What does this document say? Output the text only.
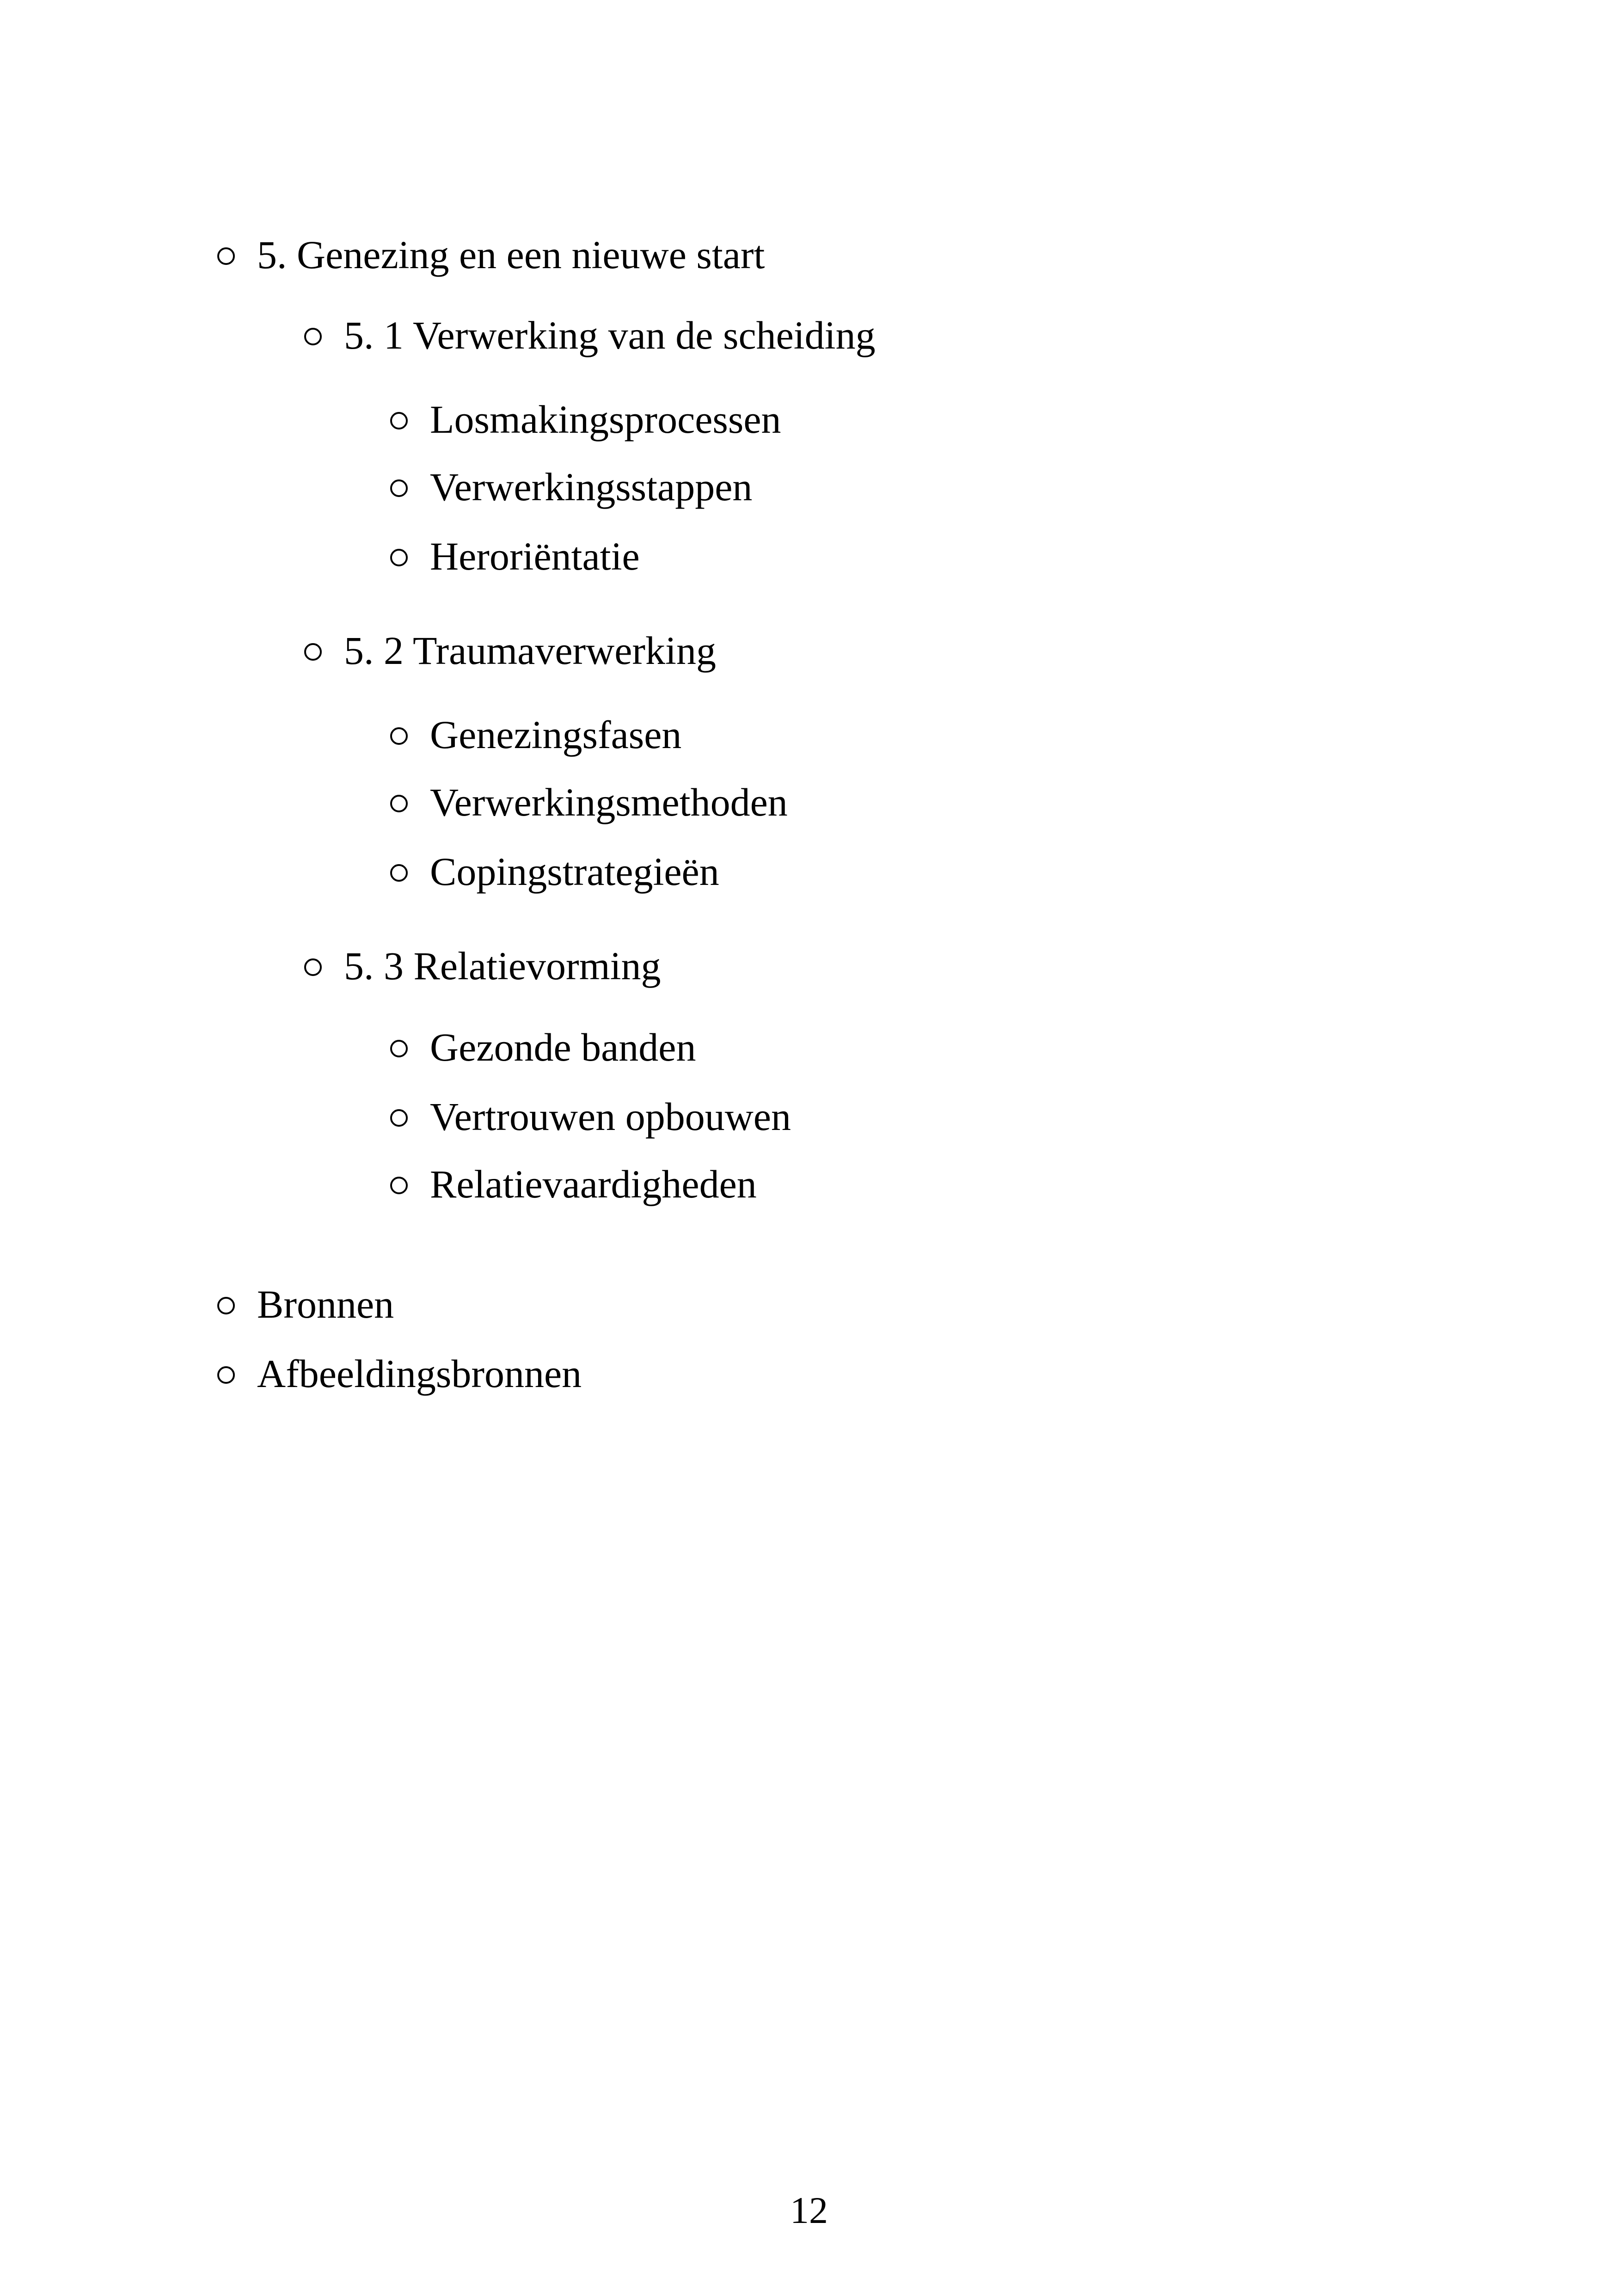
5. Genezing en een nieuwe start
5. 1 Verwerking van de scheiding
Losmakingsprocessen
Verwerkingsstappen
Heroriëntatie
5. 2 Traumaverwerking
Genezingsfasen
Verwerkingsmethoden
Copingstrategieën
5. 3 Relatievorming
Gezonde banden
Vertrouwen opbouwen
Relatievaardigheden
Bronnen
Afbeeldingsbronnen
12
